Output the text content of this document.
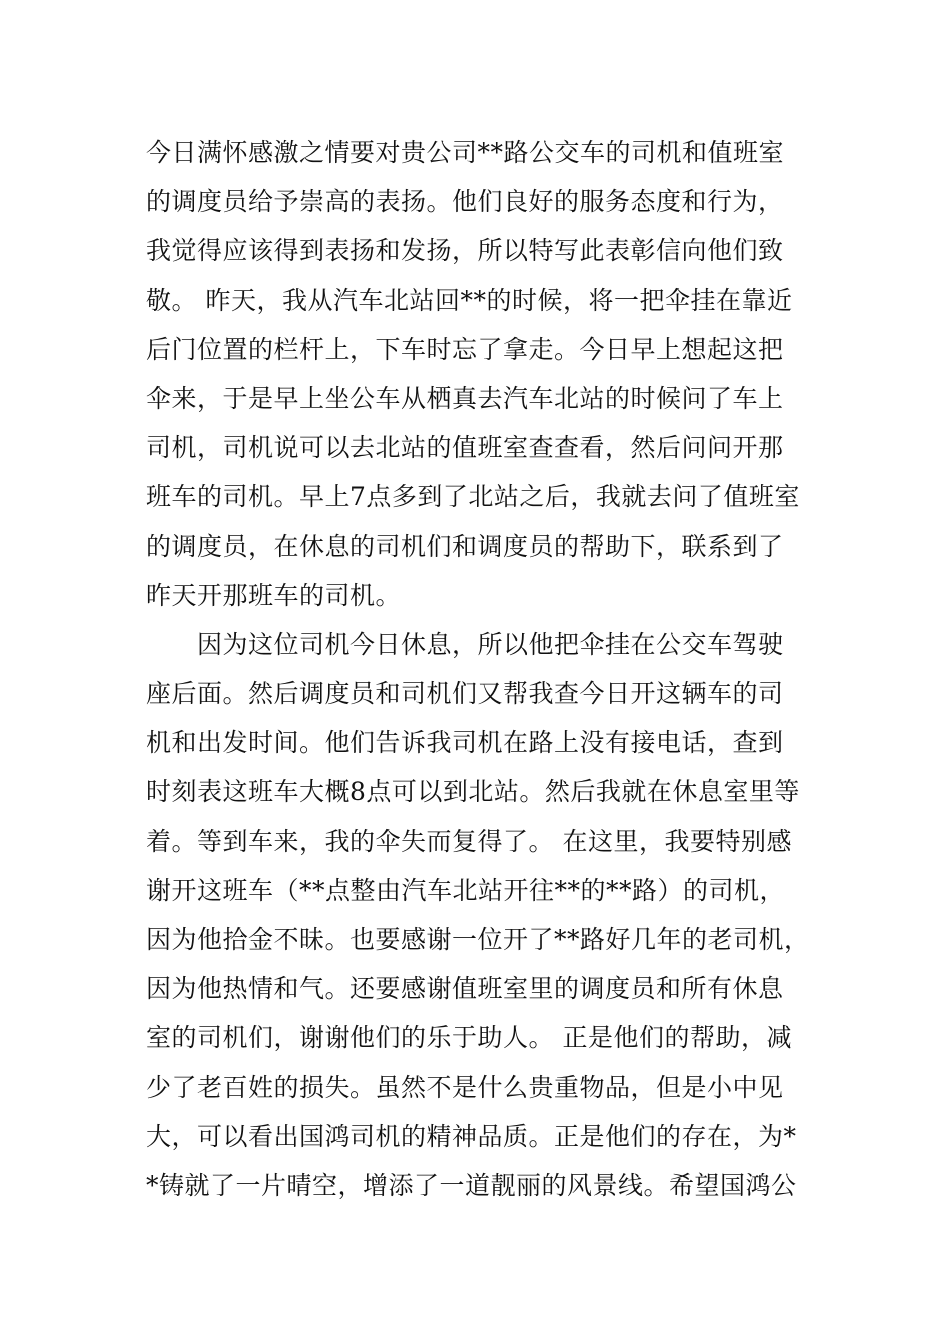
今日满怀感激之情要对贵公司**路公交车的司机和值班室
的调度员给予崇高的表扬。他们良好的服务态度和行为，
我觉得应该得到表扬和发扬，所以特写此表彰信向他们致
敬。 昨天，我从汽车北站回**的时候，将一把伞挂在靠近
后门位置的栏杆上，下车时忘了拿走。今日早上想起这把
伞来，于是早上坐公车从栖真去汽车北站的时候问了车上
司机，司机说可以去北站的值班室查查看，然后问问开那
班车的司机。早上7点多到了北站之后，我就去问了值班室
的调度员，在休息的司机们和调度员的帮助下，联系到了
昨天开那班车的司机。
　　因为这位司机今日休息，所以他把伞挂在公交车驾驶
座后面。然后调度员和司机们又帮我查今日开这辆车的司
机和出发时间。他们告诉我司机在路上没有接电话，查到
时刻表这班车大概8点可以到北站。然后我就在休息室里等
着。等到车来，我的伞失而复得了。 在这里，我要特别感
谢开这班车（**点整由汽车北站开往**的**路）的司机，
因为他拾金不昧。也要感谢一位开了**路好几年的老司机，
因为他热情和气。还要感谢值班室里的调度员和所有休息
室的司机们，谢谢他们的乐于助人。 正是他们的帮助，减
少了老百姓的损失。虽然不是什么贵重物品，但是小中见
大，可以看出国鸿司机的精神品质。正是他们的存在，为*
*铸就了一片晴空，增添了一道靓丽的风景线。希望国鸿公
